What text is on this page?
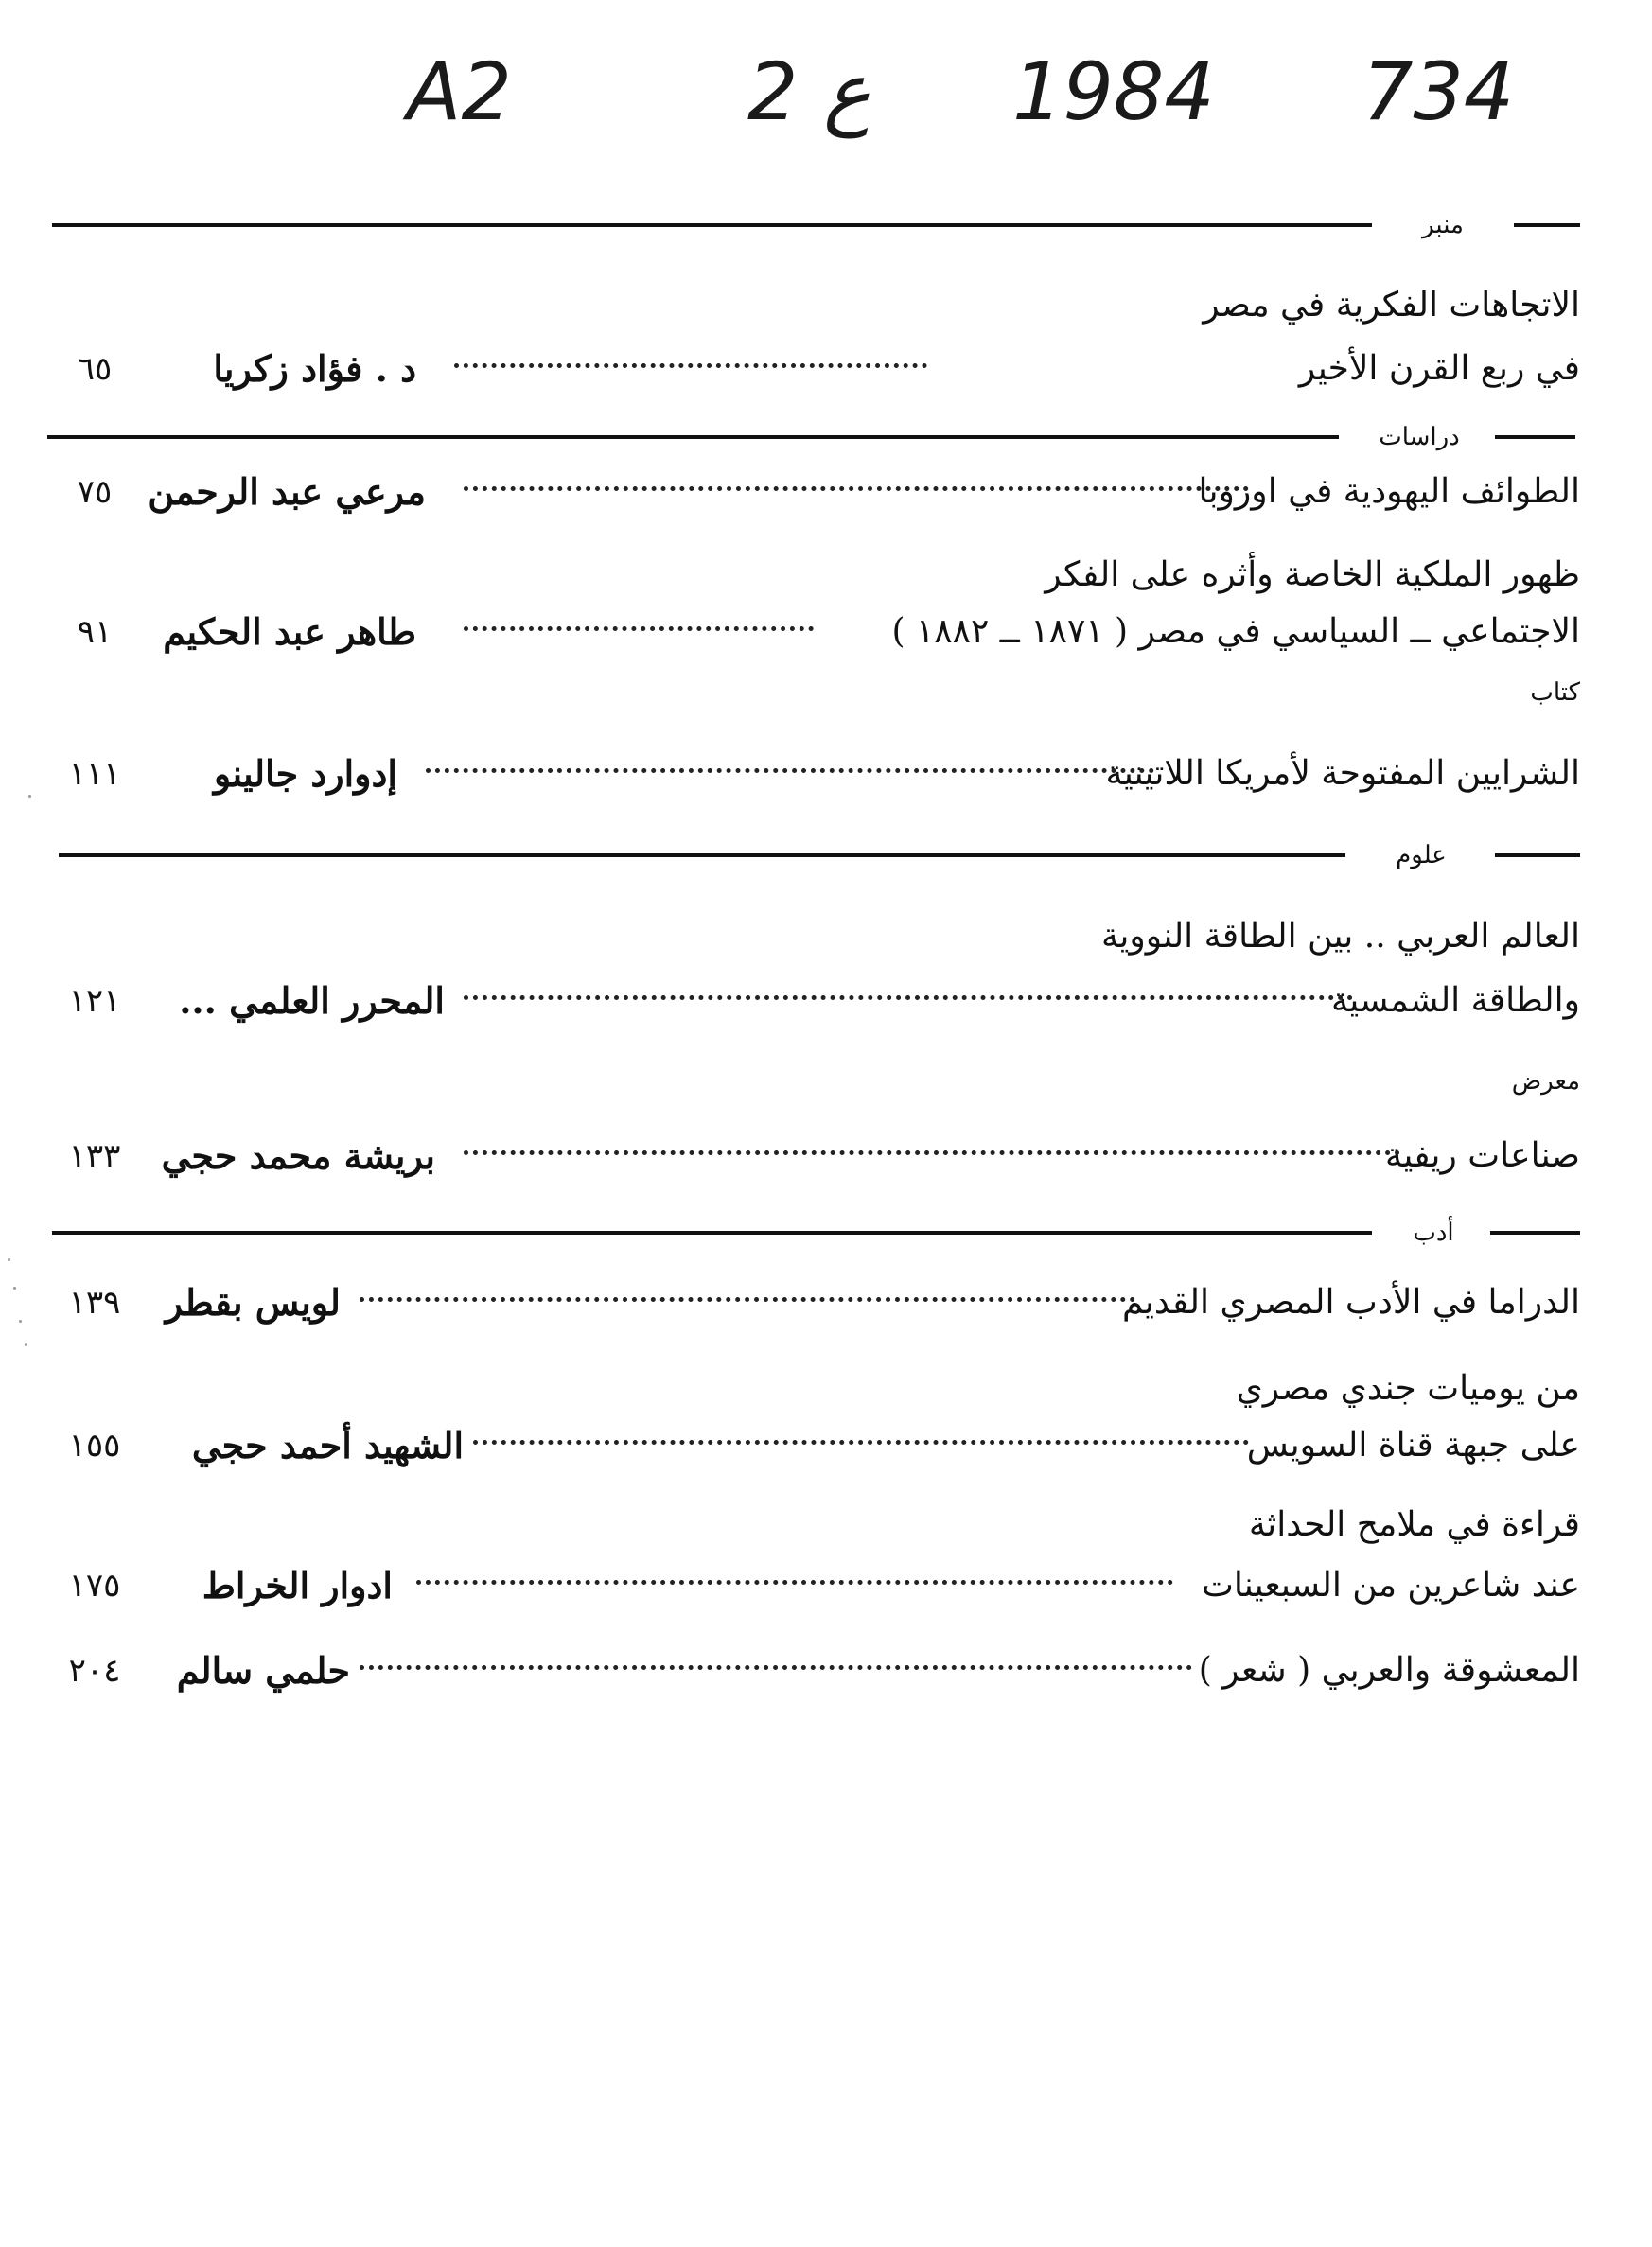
A2	2 ع 1984 734
منبر
الاتجاهات الفكرية في مصر
في ربع القرن الأخير
د . فؤاد زكريا
٦٥
دراسات
الطوائف اليهودية في اوروبا
مرعي عبد الرحمن
٧٥
ظهور الملكية الخاصة وأثره على الفكر
الاجتماعي ــ السياسي في مصر ( ١٨٧١ ــ ١٨٨٢ )
طاهر عبد الحكيم
٩١
كتاب
الشرايين المفتوحة لأمريكا اللاتينية
إدوارد جالينو
١١١
علوم
العالم العربي .. بين الطاقة النووية
والطاقة الشمسية
المحرر العلمي ...
١٢١
معرض
صناعات ريفية
بريشة محمد حجي
١٣٣
أدب
الدراما في الأدب المصري القديم
لويس بقطر
١٣٩
من يوميات جندي مصري
على جبهة قناة السويس
الشهيد أحمد حجي
١٥٥
قراءة في ملامح الحداثة
عند شاعرين من السبعينات
ادوار الخراط
١٧٥
المعشوقة والعربي ( شعر )
حلمي سالم
٢٠٤
